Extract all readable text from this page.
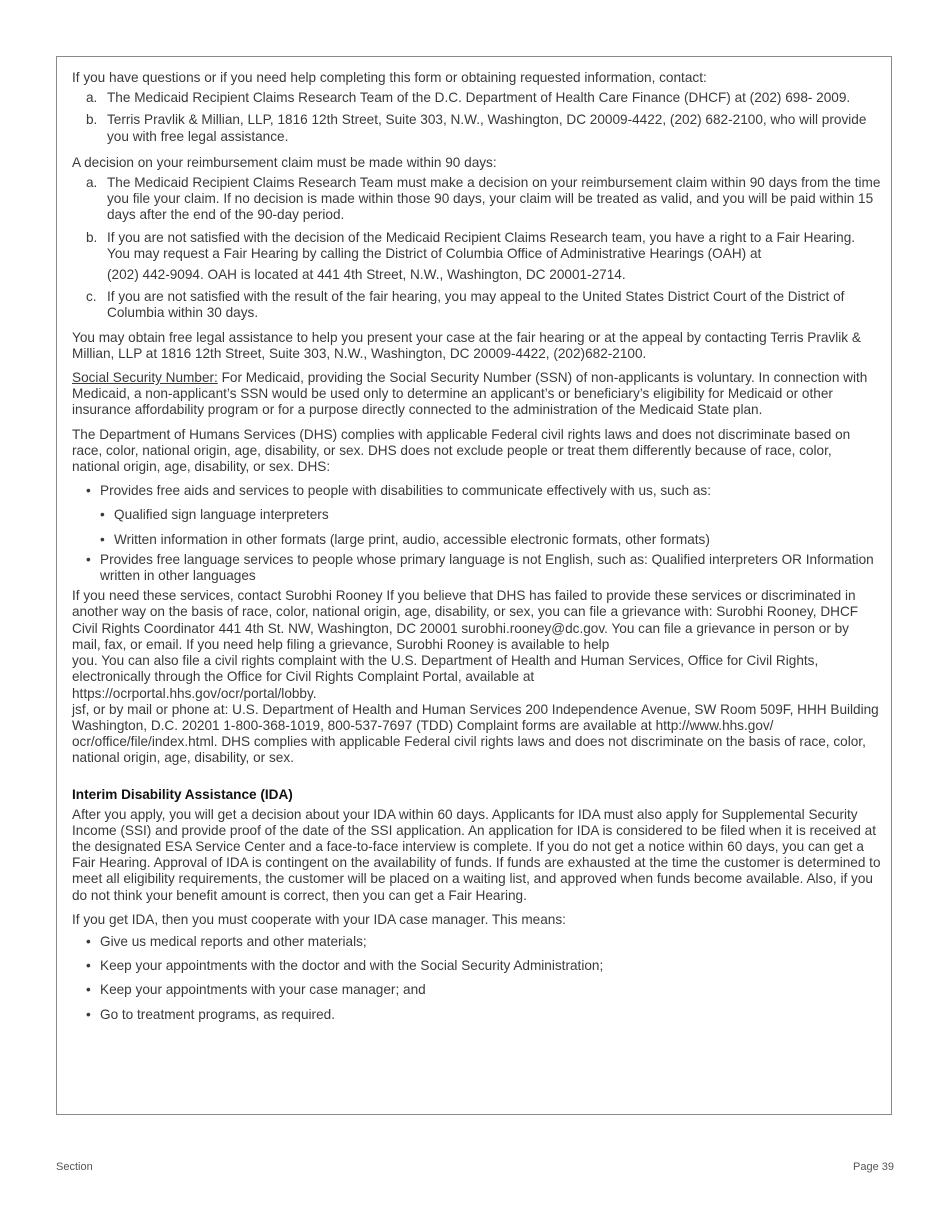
If you have questions or if you need help completing this form or obtaining requested information, contact:

a. The Medicaid Recipient Claims Research Team of the D.C. Department of Health Care Finance (DHCF) at (202) 698- 2009.
b. Terris Pravlik & Millian, LLP, 1816 12th Street, Suite 303, N.W., Washington, DC 20009-4422, (202) 682-2100, who will provide you with free legal assistance.

A decision on your reimbursement claim must be made within 90 days:

a. The Medicaid Recipient Claims Research Team must make a decision on your reimbursement claim within 90 days from the time you file your claim. If no decision is made within those 90 days, your claim will be treated as valid, and you will be paid within 15 days after the end of the 90-day period.
b. If you are not satisfied with the decision of the Medicaid Recipient Claims Research team, you have a right to a Fair Hearing. You may request a Fair Hearing by calling the District of Columbia Office of Administrative Hearings (OAH) at
(202) 442-9094. OAH is located at 441 4th Street, N.W., Washington, DC 20001-2714.
c. If you are not satisfied with the result of the fair hearing, you may appeal to the United States District Court of the District of Columbia within 30 days.

You may obtain free legal assistance to help you present your case at the fair hearing or at the appeal by contacting Terris Pravlik & Millian, LLP at 1816 12th Street, Suite 303, N.W., Washington, DC 20009-4422, (202)682-2100.

Social Security Number: For Medicaid, providing the Social Security Number (SSN) of non-applicants is voluntary. In connection with Medicaid, a non-applicant’s SSN would be used only to determine an applicant’s or beneficiary’s eligibility for Medicaid or other insurance affordability program or for a purpose directly connected to the administration of the Medicaid State plan.

The Department of Humans Services (DHS) complies with applicable Federal civil rights laws and does not discriminate based on race, color, national origin, age, disability, or sex. DHS does not exclude people or treat them differently because of race, color, national origin, age, disability, or sex. DHS:

• Provides free aids and services to people with disabilities to communicate effectively with us, such as:
• Qualified sign language interpreters
• Written information in other formats (large print, audio, accessible electronic formats, other formats)
• Provides free language services to people whose primary language is not English, such as: Qualified interpreters OR Information written in other languages

If you need these services, contact Surobhi Rooney If you believe that DHS has failed to provide these services or discriminated in another way on the basis of race, color, national origin, age, disability, or sex, you can file a grievance with: Surobhi Rooney, DHCF Civil Rights Coordinator 441 4th St. NW, Washington, DC 20001 surobhi.rooney@dc.gov. You can file a grievance in person or by mail, fax, or email. If you need help filing a grievance, Surobhi Rooney is available to help

you. You can also file a civil rights complaint with the U.S. Department of Health and Human Services, Office for Civil Rights, electronically through the Office for Civil Rights Complaint Portal, available at

https://ocrportal.hhs.gov/ocr/portal/lobby.

jsf, or by mail or phone at: U.S. Department of Health and Human Services 200 Independence Avenue, SW Room 509F, HHH Building Washington, D.C. 20201 1-800-368-1019, 800-537-7697 (TDD) Complaint forms are available at http://www.hhs.gov/ ocr/office/file/index.html. DHS complies with applicable Federal civil rights laws and does not discriminate on the basis of race, color, national origin, age, disability, or sex.

Interim Disability Assistance (IDA)

After you apply, you will get a decision about your IDA within 60 days. Applicants for IDA must also apply for Supplemental Security Income (SSI) and provide proof of the date of the SSI application. An application for IDA is considered to be filed when it is received at the designated ESA Service Center and a face-to-face interview is complete. If you do not get a notice within 60 days, you can get a Fair Hearing. Approval of IDA is contingent on the availability of funds. If funds are exhausted at the time the customer is determined to meet all eligibility requirements, the customer will be placed on a waiting list, and approved when funds become available. Also, if you do not think your benefit amount is correct, then you can get a Fair Hearing.

If you get IDA, then you must cooperate with your IDA case manager. This means:

• Give us medical reports and other materials;
• Keep your appointments with the doctor and with the Social Security Administration;
• Keep your appointments with your case manager; and
• Go to treatment programs, as required.
Section	Page 39
